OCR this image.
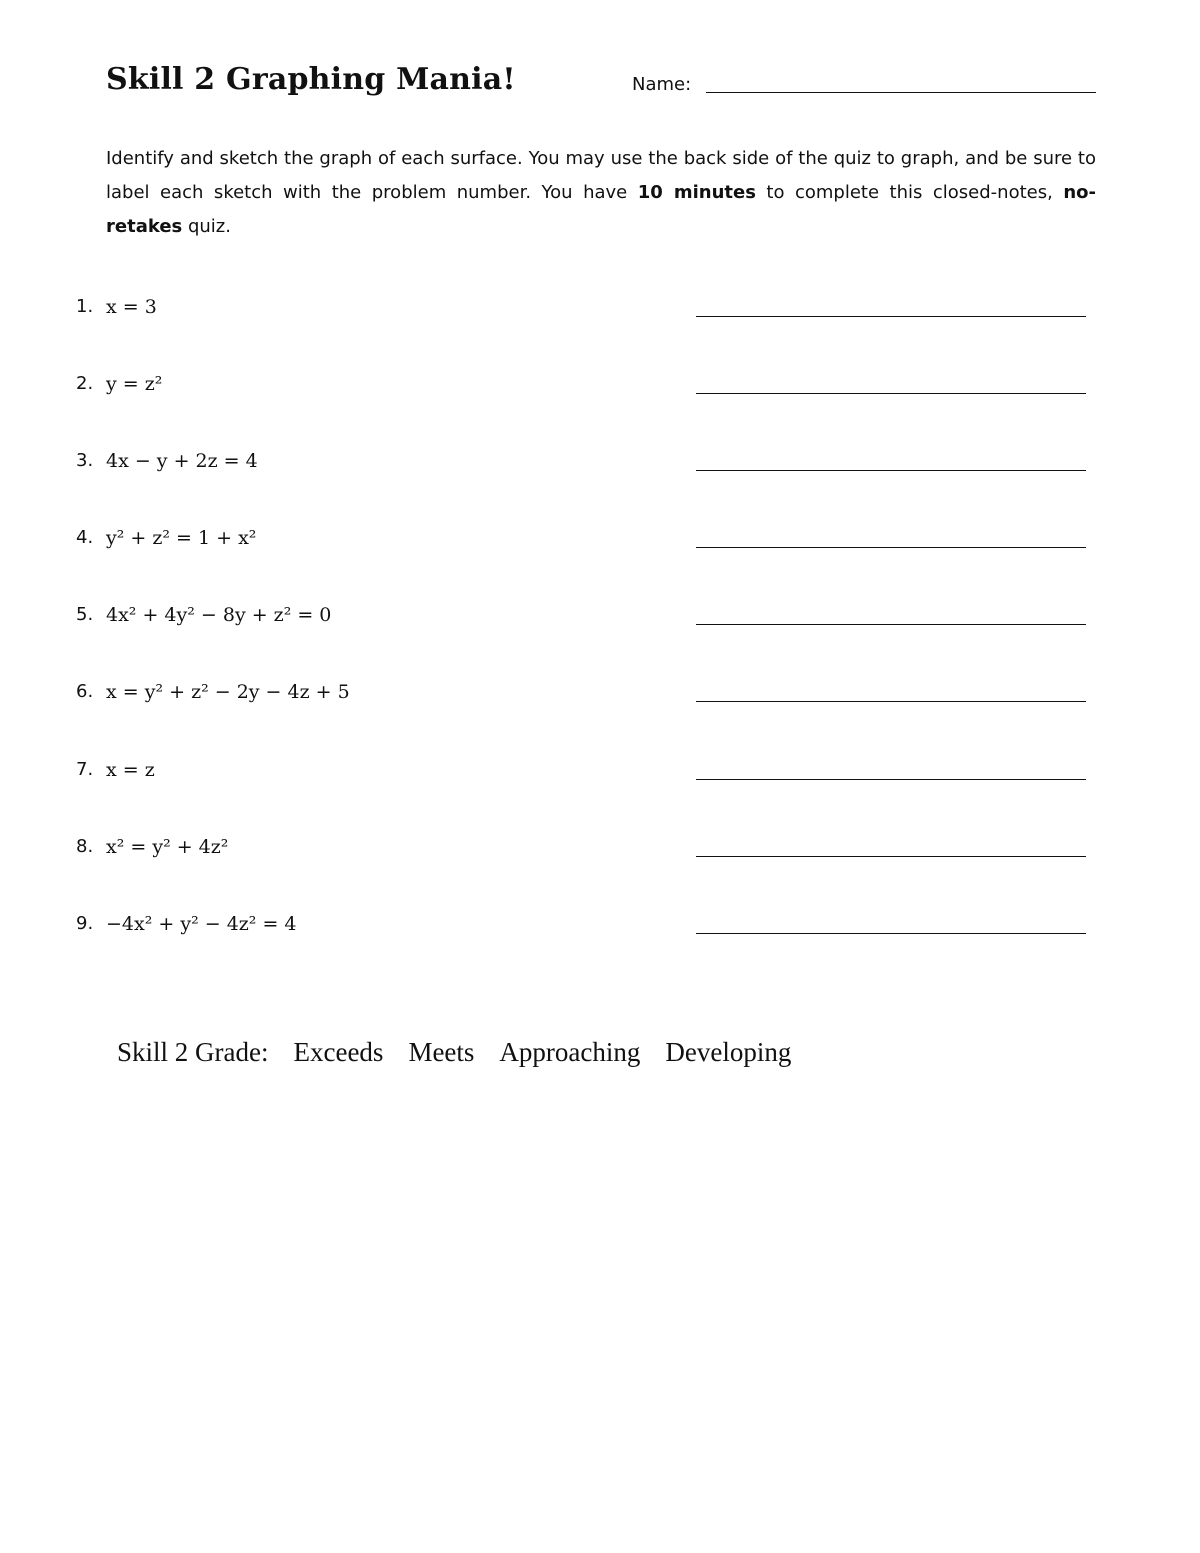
Skill 2 Graphing Mania!	Name:
Identify and sketch the graph of each surface. You may use the back side of the quiz to graph, and be sure to label each sketch with the problem number. You have 10 minutes to complete this closed-notes, no-retakes quiz.
1. x = 3
2. y = z²
3. 4x − y + 2z = 4
4. y² + z² = 1 + x²
5. 4x² + 4y² − 8y + z² = 0
6. x = y² + z² − 2y − 4z + 5
7. x = z
8. x² = y² + 4z²
9. −4x² + y² − 4z² = 4
Skill 2 Grade: Exceeds Meets Approaching Developing
